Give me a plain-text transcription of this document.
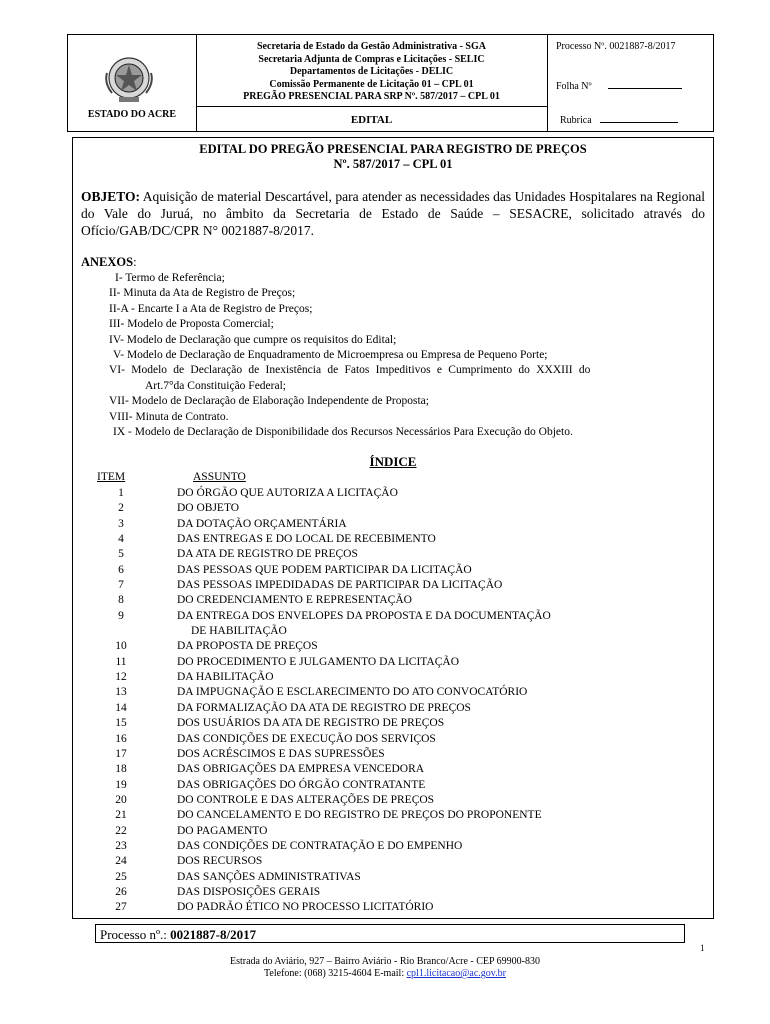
ESTADO DO ACRE
Secretaria de Estado da Gestão Administrativa - SGA
Secretaria Adjunta de Compras e Licitações - SELIC
Departamentos de Licitações - DELIC
Comissão Permanente de Licitação 01 – CPL 01
PREGÃO PRESENCIAL PARA SRP Nº. 587/2017 – CPL 01
EDITAL
Processo Nº. 0021887-8/2017
Folha Nº
Rubrica
EDITAL DO PREGÃO PRESENCIAL PARA REGISTRO DE PREÇOS
Nº. 587/2017 – CPL 01
OBJETO: Aquisição de material Descartável, para atender as necessidades das Unidades Hospitalares na Regional do Vale do Juruá, no âmbito da Secretaria de Estado de Saúde – SESACRE, solicitado através do Ofício/GAB/DC/CPR N° 0021887-8/2017.
ANEXOS:
I- Termo de Referência;
II- Minuta da Ata de Registro de Preços;
II-A - Encarte I a Ata de Registro de Preços;
III- Modelo de Proposta Comercial;
IV- Modelo de Declaração que cumpre os requisitos do Edital;
V- Modelo de Declaração de Enquadramento de Microempresa ou Empresa de Pequeno Porte;
VI- Modelo de Declaração de Inexistência de Fatos Impeditivos e Cumprimento do XXXIII do
Art.7°da Constituição Federal;
VII- Modelo de Declaração de Elaboração Independente de Proposta;
VIII- Minuta de Contrato.
IX - Modelo de Declaração de Disponibilidade dos Recursos Necessários Para Execução do Objeto.
ÍNDICE
ITEM	ASSUNTO
1	DO ÓRGÃO QUE AUTORIZA A LICITAÇÃO
2	DO OBJETO
3	DA DOTAÇÃO ORÇAMENTÁRIA
4	DAS ENTREGAS E DO LOCAL DE RECEBIMENTO
5	DA ATA DE REGISTRO DE PREÇOS
6	DAS PESSOAS QUE PODEM PARTICIPAR DA LICITAÇÃO
7	DAS PESSOAS IMPEDIDADAS DE PARTICIPAR DA LICITAÇÃO
8	DO CREDENCIAMENTO E REPRESENTAÇÃO
9	DA ENTREGA DOS ENVELOPES DA PROPOSTA E DA DOCUMENTAÇÃO
DE HABILITAÇÃO
10	DA PROPOSTA DE PREÇOS
11	DO PROCEDIMENTO E JULGAMENTO DA LICITAÇÃO
12	DA HABILITAÇÃO
13	DA IMPUGNAÇÃO E ESCLARECIMENTO DO ATO CONVOCATÓRIO
14	DA FORMALIZAÇÃO DA ATA DE REGISTRO DE PREÇOS
15	DOS USUÁRIOS DA ATA DE REGISTRO DE PREÇOS
16	DAS CONDIÇÕES DE EXECUÇÃO DOS SERVIÇOS
17	DOS ACRÉSCIMOS E DAS SUPRESSÕES
18	DAS OBRIGAÇÕES DA EMPRESA VENCEDORA
19	DAS OBRIGAÇÕES DO ÓRGÃO CONTRATANTE
20	DO CONTROLE E DAS ALTERAÇÕES DE PREÇOS
21	DO CANCELAMENTO E DO REGISTRO DE PREÇOS DO PROPONENTE
22	DO PAGAMENTO
23	DAS CONDIÇÕES DE CONTRATAÇÃO E DO EMPENHO
24	DOS RECURSOS
25	DAS SANÇÕES ADMINISTRATIVAS
26	DAS DISPOSIÇÕES GERAIS
27	DO PADRÃO ÉTICO NO PROCESSO LICITATÓRIO
Processo nº.: 0021887-8/2017
1
Estrada do Aviário, 927 – Bairro Aviário - Rio Branco/Acre - CEP 69900-830
Telefone: (068) 3215-4604 E-mail: cpl1.licitacao@ac.gov.br
